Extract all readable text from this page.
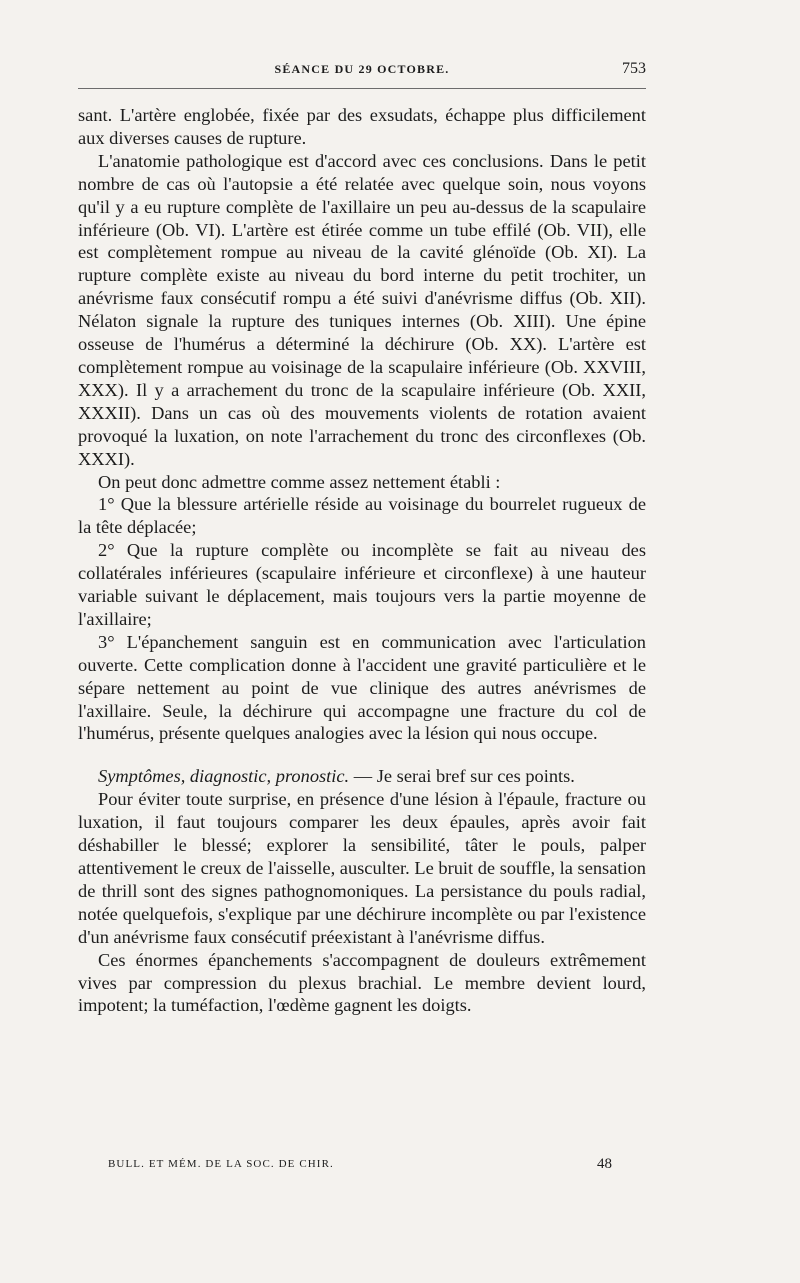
SÉANCE DU 29 OCTOBRE.	753

sant. L'artère englobée, fixée par des exsudats, échappe plus difficilement aux diverses causes de rupture.

L'anatomie pathologique est d'accord avec ces conclusions. Dans le petit nombre de cas où l'autopsie a été relatée avec quelque soin, nous voyons qu'il y a eu rupture complète de l'axillaire un peu au-dessus de la scapulaire inférieure (Ob. VI). L'artère est étirée comme un tube effilé (Ob. VII), elle est complètement rompue au niveau de la cavité glénoïde (Ob. XI). La rupture complète existe au niveau du bord interne du petit trochiter, un anévrisme faux consécutif rompu a été suivi d'anévrisme diffus (Ob. XII). Nélaton signale la rupture des tuniques internes (Ob. XIII). Une épine osseuse de l'humérus a déterminé la déchirure (Ob. XX). L'artère est complètement rompue au voisinage de la scapulaire inférieure (Ob. XXVIII, XXX). Il y a arrachement du tronc de la scapulaire inférieure (Ob. XXII, XXXII). Dans un cas où des mouvements violents de rotation avaient provoqué la luxation, on note l'arrachement du tronc des circonflexes (Ob. XXXI).

On peut donc admettre comme assez nettement établi :

1° Que la blessure artérielle réside au voisinage du bourrelet rugueux de la tête déplacée;

2° Que la rupture complète ou incomplète se fait au niveau des collatérales inférieures (scapulaire inférieure et circonflexe) à une hauteur variable suivant le déplacement, mais toujours vers la partie moyenne de l'axillaire;

3° L'épanchement sanguin est en communication avec l'articulation ouverte. Cette complication donne à l'accident une gravité particulière et le sépare nettement au point de vue clinique des autres anévrismes de l'axillaire. Seule, la déchirure qui accompagne une fracture du col de l'humérus, présente quelques analogies avec la lésion qui nous occupe.

Symptômes, diagnostic, pronostic. — Je serai bref sur ces points.

Pour éviter toute surprise, en présence d'une lésion à l'épaule, fracture ou luxation, il faut toujours comparer les deux épaules, après avoir fait déshabiller le blessé; explorer la sensibilité, tâter le pouls, palper attentivement le creux de l'aisselle, ausculter. Le bruit de souffle, la sensation de thrill sont des signes pathognomoniques. La persistance du pouls radial, notée quelquefois, s'explique par une déchirure incomplète ou par l'existence d'un anévrisme faux consécutif préexistant à l'anévrisme diffus.

Ces énormes épanchements s'accompagnent de douleurs extrêmement vives par compression du plexus brachial. Le membre devient lourd, impotent; la tuméfaction, l'œdème gagnent les doigts.

BULL. ET MÉM. DE LA SOC. DE CHIR.	48
